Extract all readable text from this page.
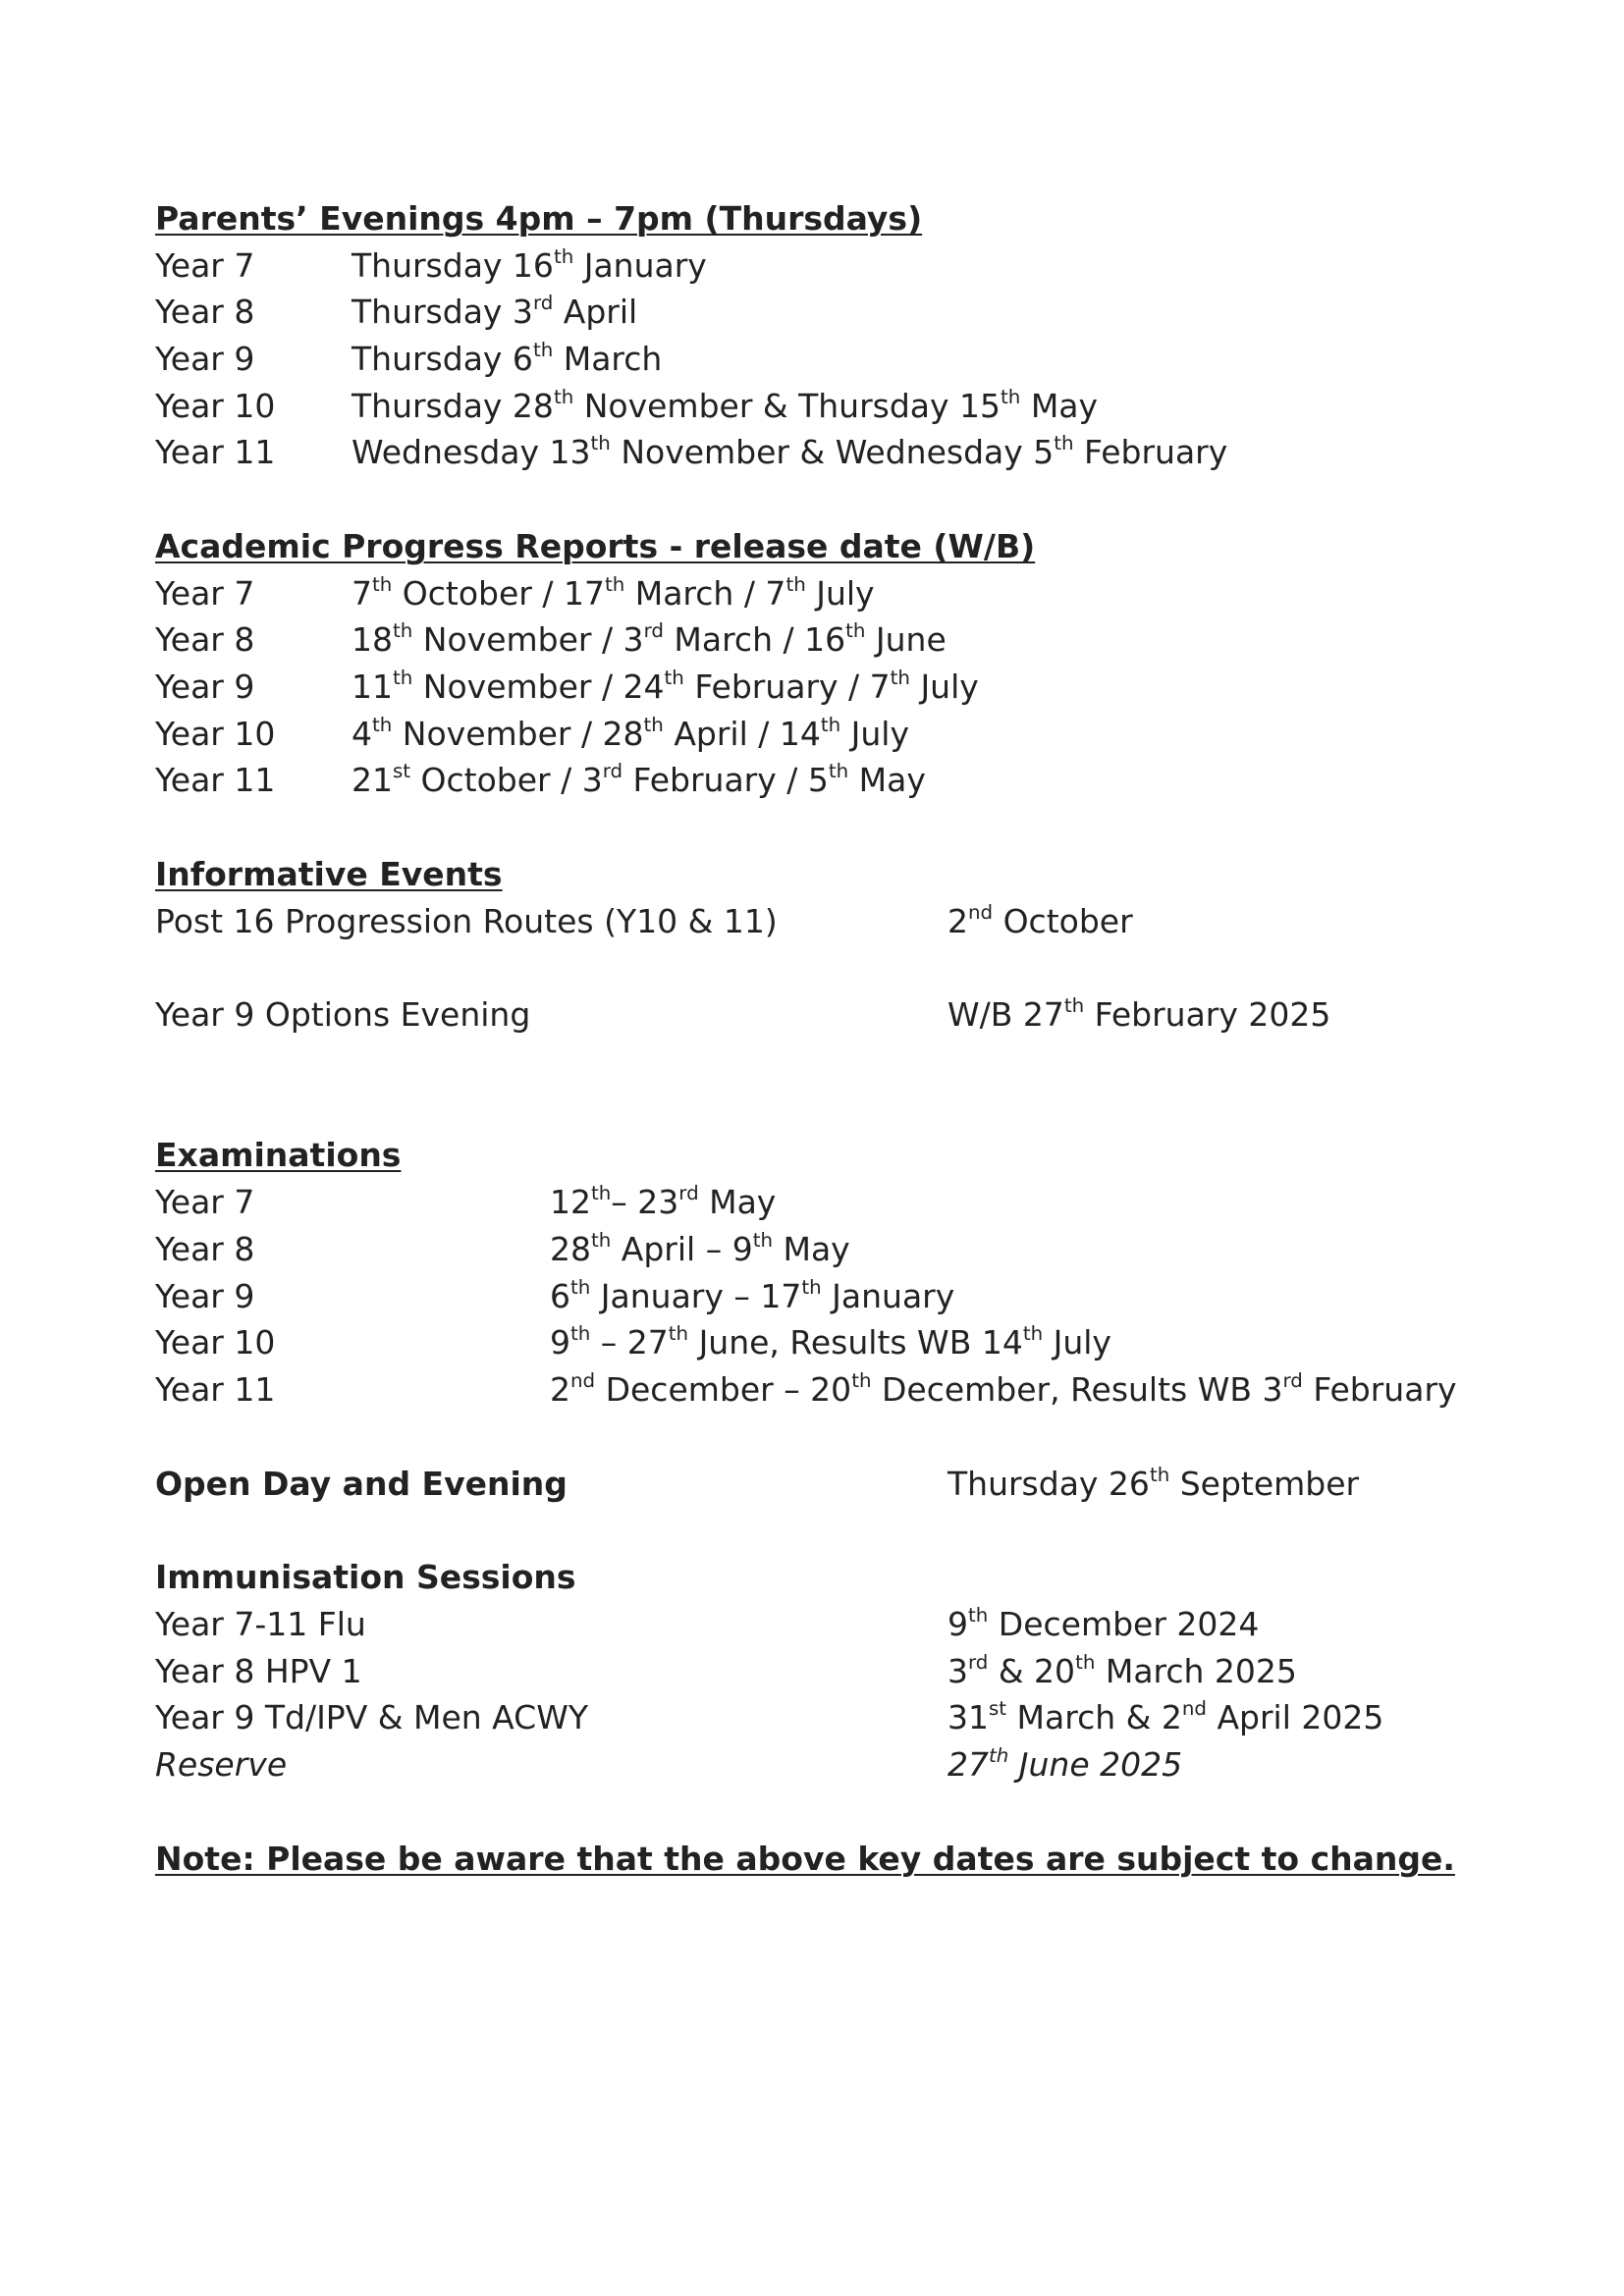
Parents’ Evenings 4pm – 7pm (Thursdays)
Year 7	Thursday 16th January
Year 8	Thursday 3rd April
Year 9	Thursday 6th March
Year 10 Thursday 28th November & Thursday 15th May
Year 11 Wednesday 13th November & Wednesday 5th February
Academic Progress Reports - release date (W/B)
Year 7	7th October / 17th March / 7th July
Year 8	18th November / 3rd March / 16th June
Year 9	11th November / 24th February / 7th July
Year 10 4th November / 28th April / 14th July
Year 11 21st October / 3rd February / 5th May
Informative Events
Post 16 Progression Routes (Y10 & 11)	2nd October
Year 9 Options Evening	W/B 27th February 2025
Examinations
Year 7	12th– 23rd May
Year 8	28th April – 9th May
Year 9	6th January – 17th January
Year 10	9th – 27th June, Results WB 14th July
Year 11	2nd December – 20th December, Results WB 3rd February
Open Day and Evening	Thursday 26th September
Immunisation Sessions
Year 7-11 Flu	9th December 2024
Year 8 HPV 1	3rd & 20th March 2025
Year 9 Td/IPV & Men ACWY	31st March & 2nd April 2025
Reserve	27th June 2025
Note: Please be aware that the above key dates are subject to change.
